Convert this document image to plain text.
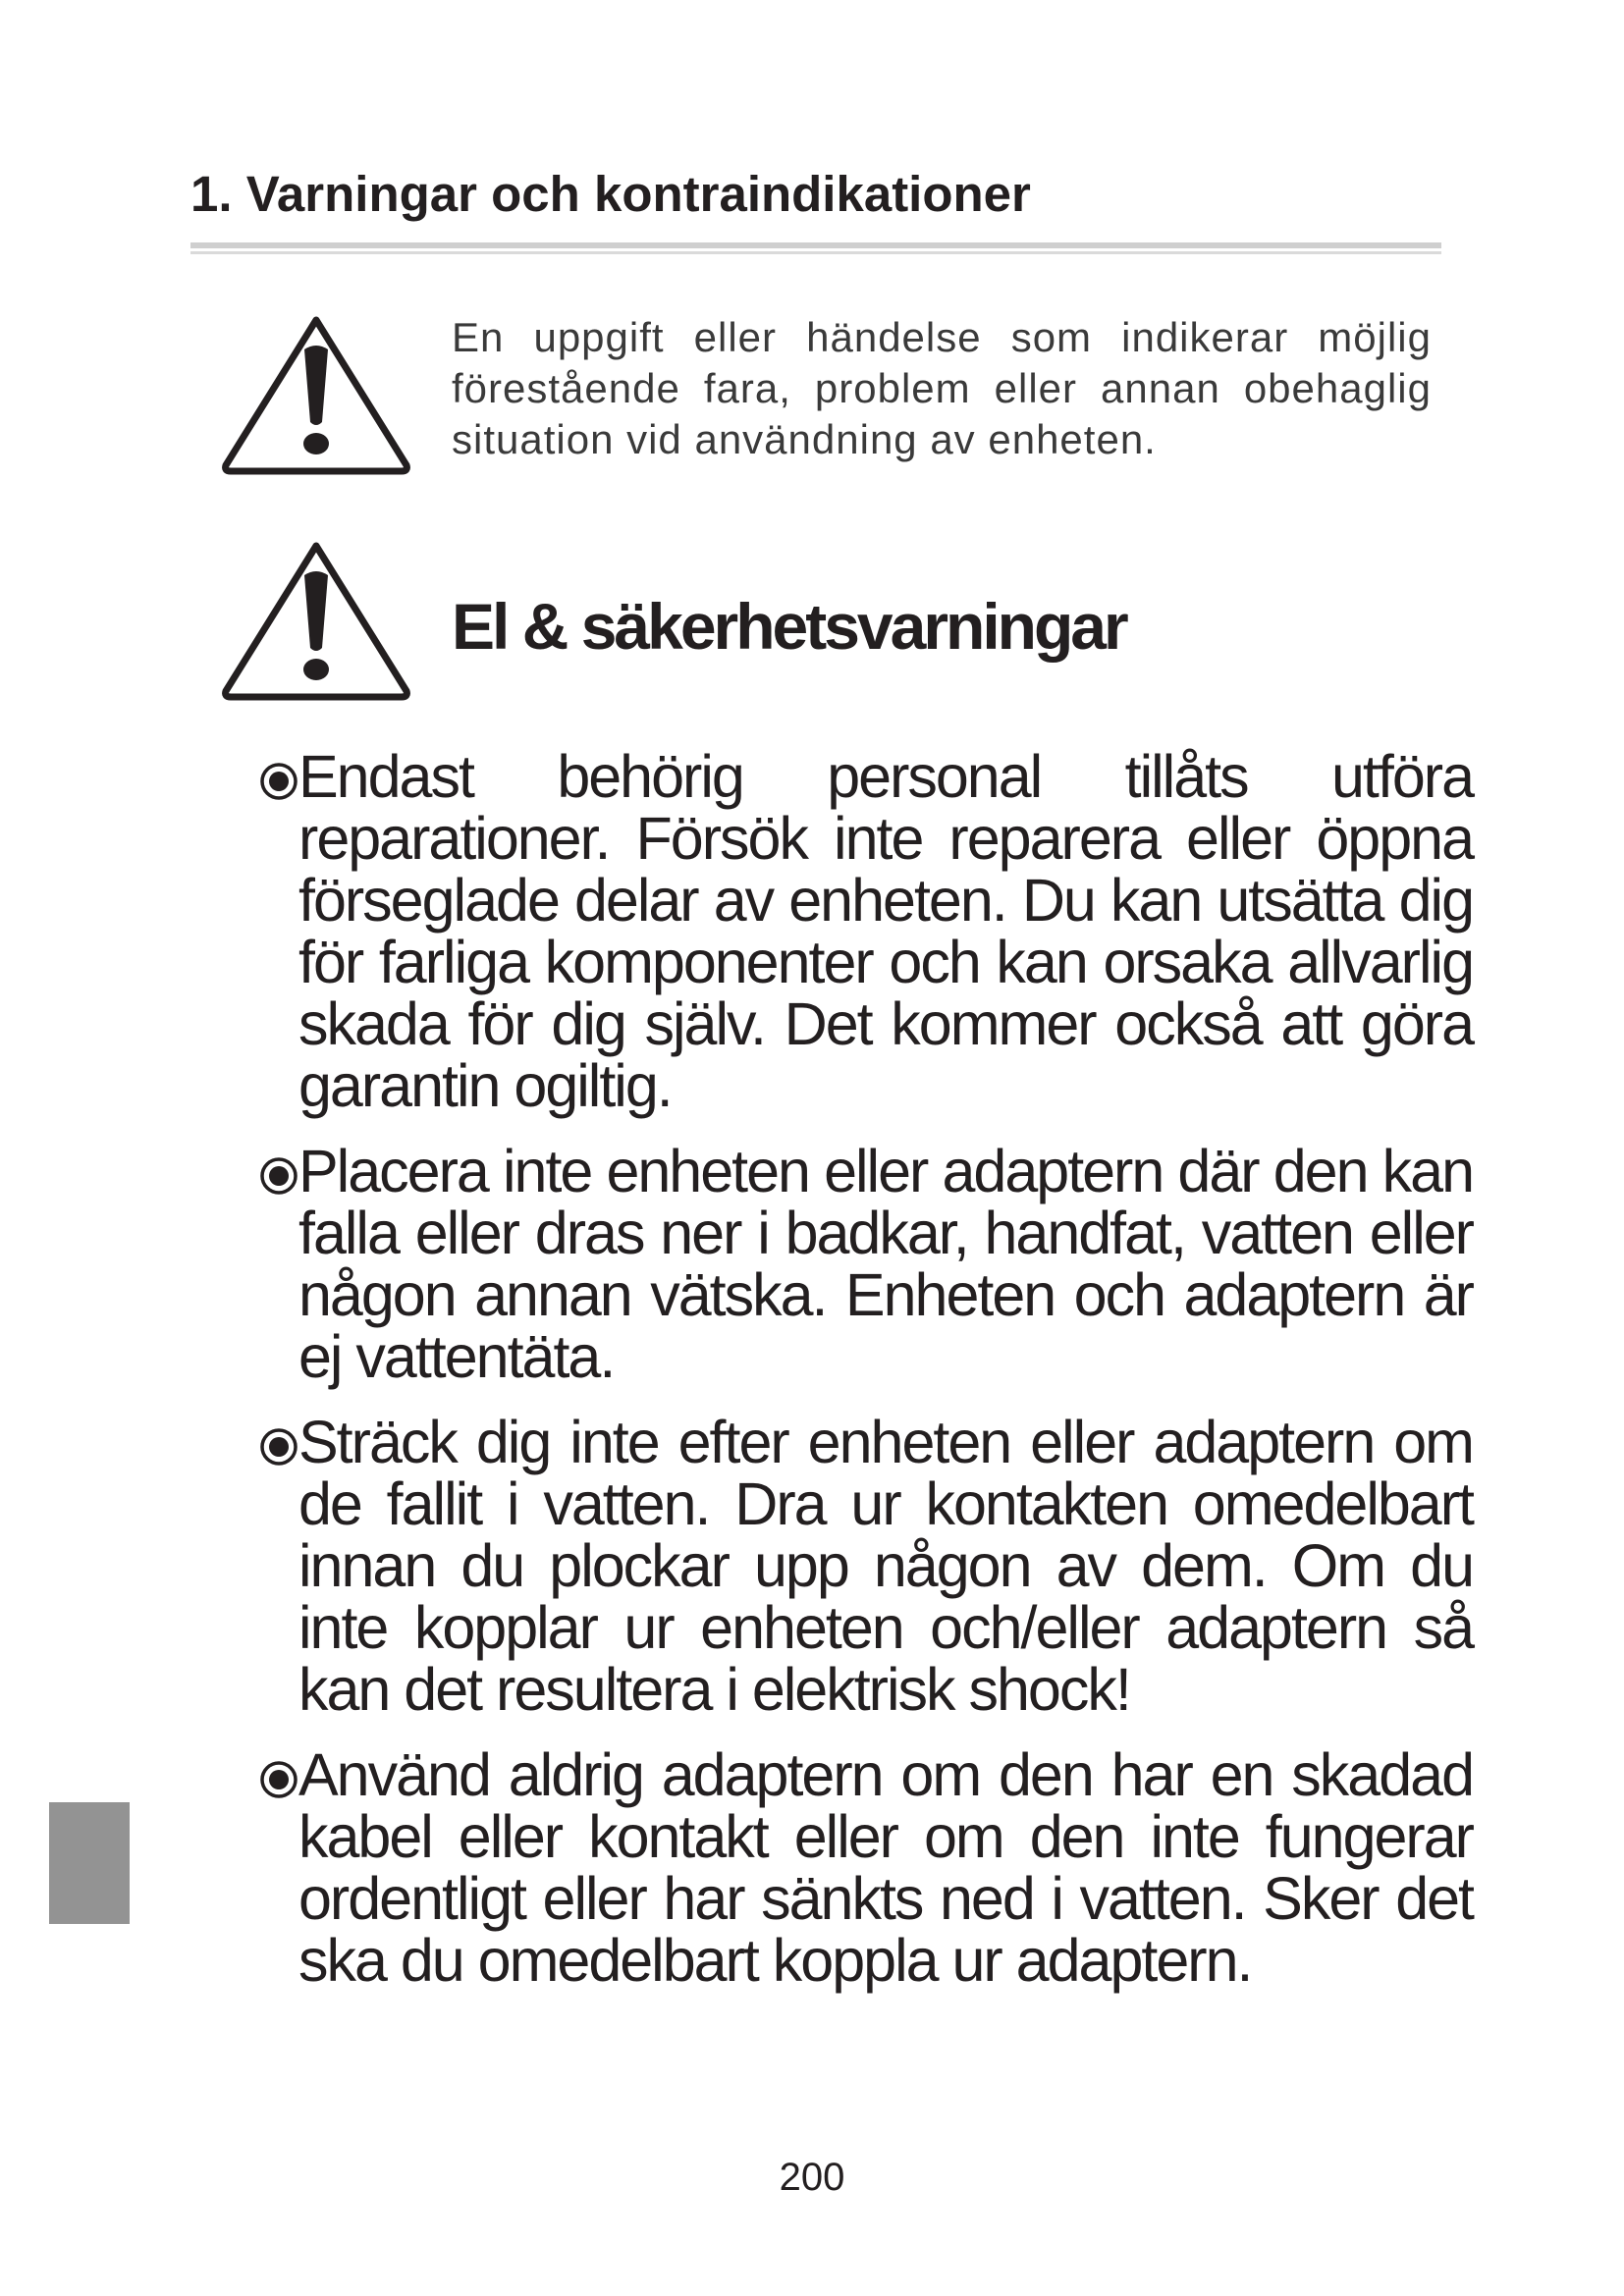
1. Varningar och kontraindikationer

En uppgift eller händelse som indikerar möjlig förestående fara, problem eller annan obehaglig situation vid användning av enheten.

El & säkerhetsvarningar
Endast behörig personal tillåts utföra reparationer. Försök inte reparera eller öppna förseglade delar av enheten. Du kan utsätta dig för farliga komponenter och kan orsaka allvarlig skada för dig själv. Det kommer också att göra garantin ogiltig.
Placera inte enheten eller adaptern där den kan falla eller dras ner i badkar, handfat, vatten eller någon annan vätska. Enheten och adaptern är ej vattentäta.
Sträck dig inte efter enheten eller adaptern om de fallit i vatten. Dra ur kontakten omedelbart innan du plockar upp någon av dem. Om du inte kopplar ur enheten och/eller adaptern så kan det resultera i elektrisk shock!
Använd aldrig adaptern om den har en skadad kabel eller kontakt eller om den inte fungerar ordentligt eller har sänkts ned i vatten. Sker det ska du omedelbart koppla ur adaptern.

200
